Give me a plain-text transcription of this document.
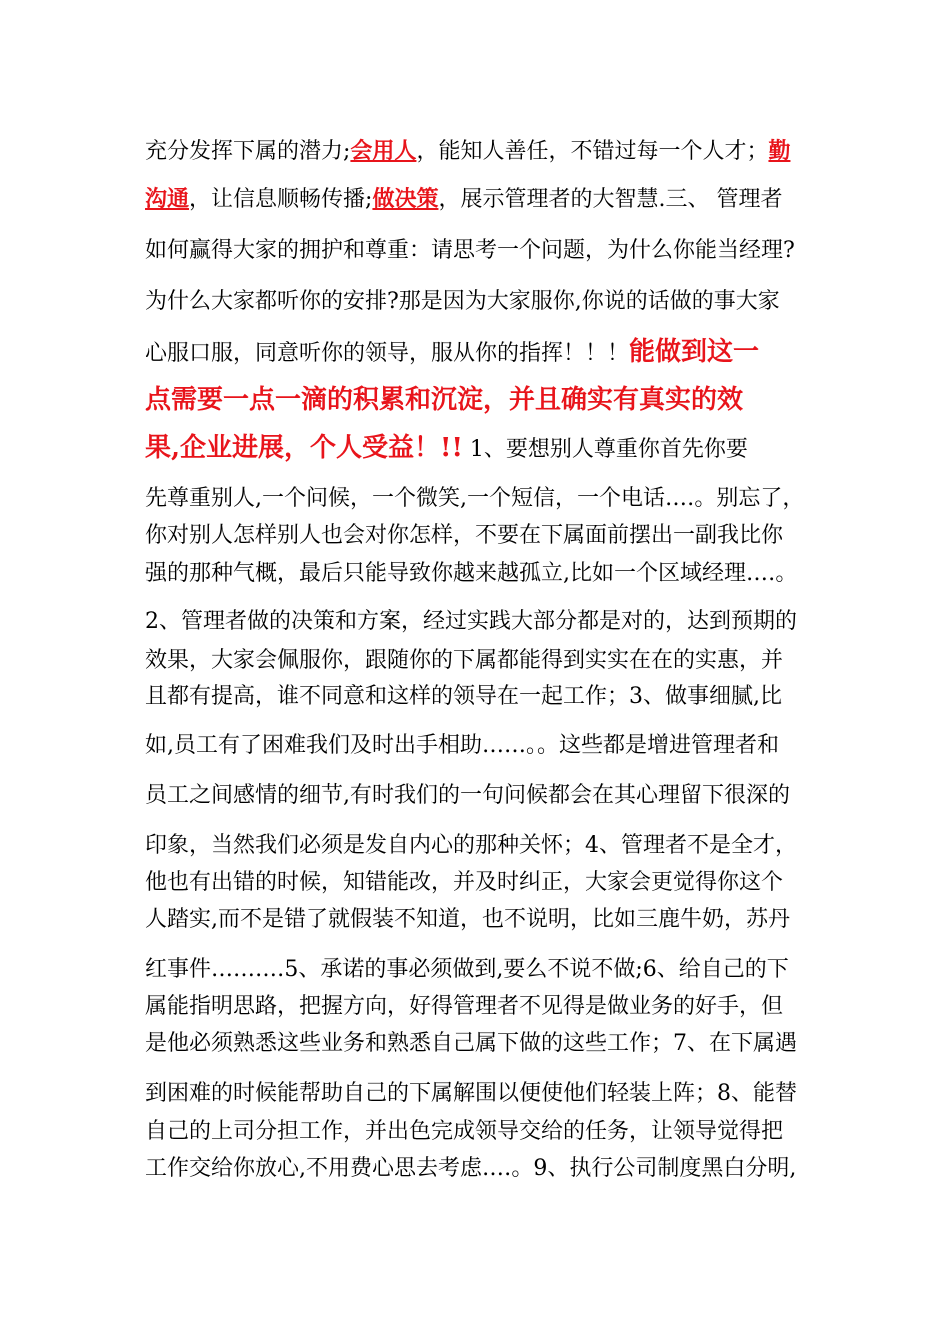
充分发挥下属的潜力;会用人，能知人善任，不错过每一个人才；勤
沟通，让信息顺畅传播;做决策，展示管理者的大智慧.三、 管理者
如何赢得大家的拥护和尊重：请思考一个问题，为什么你能当经理?
为什么大家都听你的安排?那是因为大家服你,你说的话做的事大家
心服口服，同意听你的领导，服从你的指挥！！！能做到这一
点需要一点一滴的积累和沉淀，并且确实有真实的效
果,企业进展，个人受益！!! 1、要想别人尊重你首先你要
先尊重别人,一个问候，一个微笑,一个短信，一个电话…․。别忘了，
你对别人怎样别人也会对你怎样，不要在下属面前摆出一副我比你
强的那种气概，最后只能导致你越来越孤立,比如一个区域经理…․。
2、管理者做的决策和方案，经过实践大部分都是对的，达到预期的
效果，大家会佩服你，跟随你的下属都能得到实实在在的实惠，并
且都有提高，谁不同意和这样的领导在一起工作；3、做事细腻,比
如,员工有了困难我们及时出手相助……。。这些都是增进管理者和
员工之间感情的细节,有时我们的一句问候都会在其心理留下很深的
印象，当然我们必须是发自内心的那种关怀；4、管理者不是全才，
他也有出错的时候，知错能改，并及时纠正，大家会更觉得你这个
人踏实,而不是错了就假装不知道，也不说明，比如三鹿牛奶，苏丹
红事件………․5、承诺的事必须做到,要么不说不做;6、给自己的下
属能指明思路，把握方向，好得管理者不见得是做业务的好手，但
是他必须熟悉这些业务和熟悉自己属下做的这些工作；7、在下属遇
到困难的时候能帮助自己的下属解围以便使他们轻装上阵；8、能替
自己的上司分担工作，并出色完成领导交给的任务，让领导觉得把
工作交给你放心,不用费心思去考虑…․。9、执行公司制度黑白分明,
